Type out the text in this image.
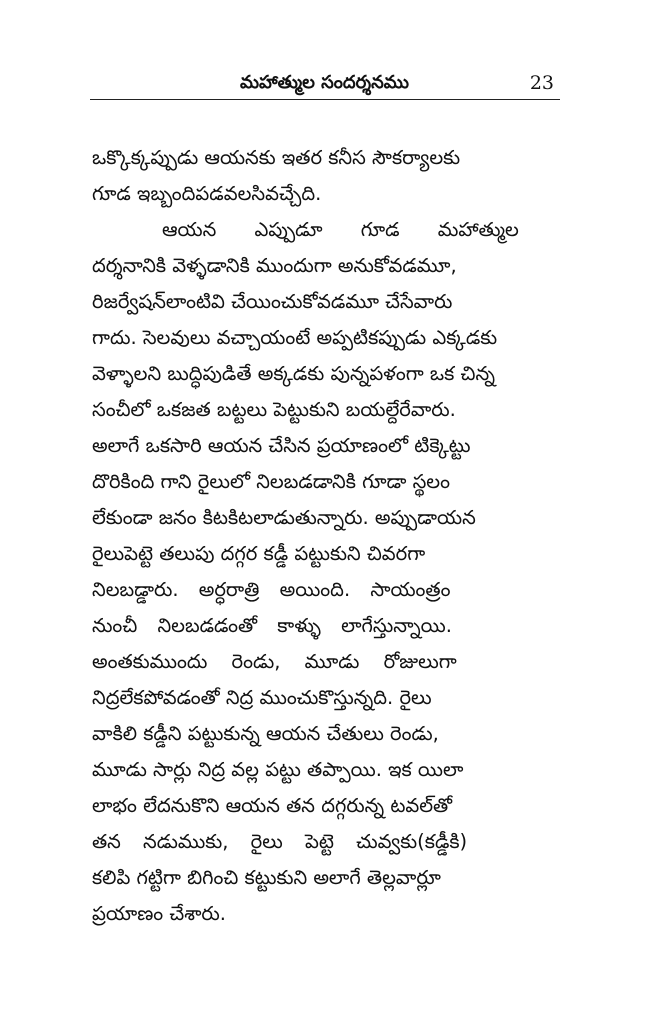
మహాత్ముల సందర్శనము	23
ఒక్కొక్కప్పుడు ఆయనకు ఇతర కనీస సౌకర్యాలకు
గూడ ఇబ్బందిపడవలసివచ్చేది.
ఆయన ఎప్పుడూ గూడ మహాత్ముల
దర్శనానికి వెళ్ళడానికి ముందుగా అనుకోవడమూ,
రిజర్వేషన్‌లాంటివి చేయించుకోవడమూ చేసేవారు
గాదు. సెలవులు వచ్చాయంటే అప్పటికప్పుడు ఎక్కడకు
వెళ్ళాలని బుద్ధిపుడితే అక్కడకు పున్నపళంగా ఒక చిన్న
సంచీలో ఒకజత బట్టలు పెట్టుకుని బయల్దేరేవారు.
అలాగే ఒకసారి ఆయన చేసిన ప్రయాణంలో టిక్కెట్టు
దొరికింది గాని రైలులో నిలబడడానికి గూడా స్థలం
లేకుండా జనం కిటకిటలాడుతున్నారు. అప్పుడాయన
రైలుపెట్టె తలుపు దగ్గర కడ్డీ పట్టుకుని చివరగా
నిలబడ్డారు. అర్ధరాత్రి అయింది. సాయంత్రం
నుంచీ నిలబడడంతో కాళ్ళు లాగేస్తున్నాయి.
అంతకుముందు రెండు, మూడు రోజులుగా
నిద్రలేకపోవడంతో నిద్ర ముంచుకొస్తున్నది. రైలు
వాకిలి కడ్డీని పట్టుకున్న ఆయన చేతులు రెండు,
మూడు సార్లు నిద్ర వల్ల పట్టు తప్పాయి. ఇక యిలా
లాభం లేదనుకొని ఆయన తన దగ్గరున్న టవల్‌తో
తన నడుముకు, రైలు పెట్టె చువ్వకు(కడ్డీకి)
కలిపి గట్టిగా బిగించి కట్టుకుని అలాగే తెల్లవార్లూ
ప్రయాణం చేశారు.
